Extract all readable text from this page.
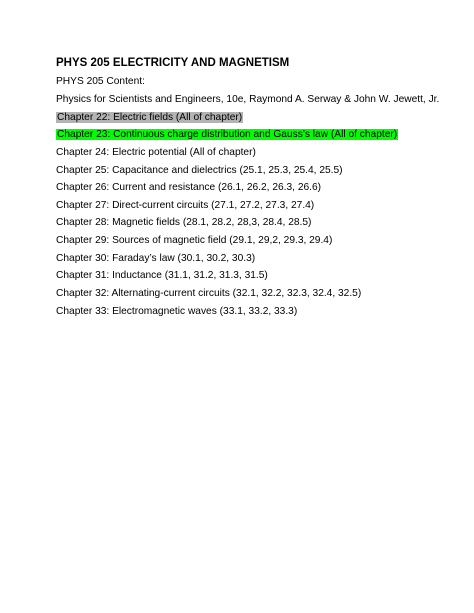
PHYS 205 ELECTRICITY AND MAGNETISM
PHYS 205 Content:
Physics for Scientists and Engineers, 10e, Raymond A. Serway & John W. Jewett, Jr.
Chapter 22: Electric fields (All of chapter)
Chapter 23: Continuous charge distribution and Gauss’s law (All of chapter)
Chapter 24: Electric potential (All of chapter)
Chapter 25: Capacitance and dielectrics (25.1, 25.3, 25.4, 25.5)
Chapter 26: Current and resistance (26.1, 26.2, 26.3, 26.6)
Chapter 27: Direct-current circuits (27.1, 27.2, 27.3, 27.4)
Chapter 28: Magnetic fields (28.1, 28.2, 28,3, 28.4, 28.5)
Chapter 29: Sources of magnetic field (29.1, 29,2, 29.3, 29.4)
Chapter 30: Faraday’s law (30.1, 30.2, 30.3)
Chapter 31: Inductance (31.1, 31.2, 31.3, 31.5)
Chapter 32: Alternating-current circuits (32.1, 32.2, 32.3, 32.4, 32.5)
Chapter 33: Electromagnetic waves (33.1, 33.2, 33.3)
